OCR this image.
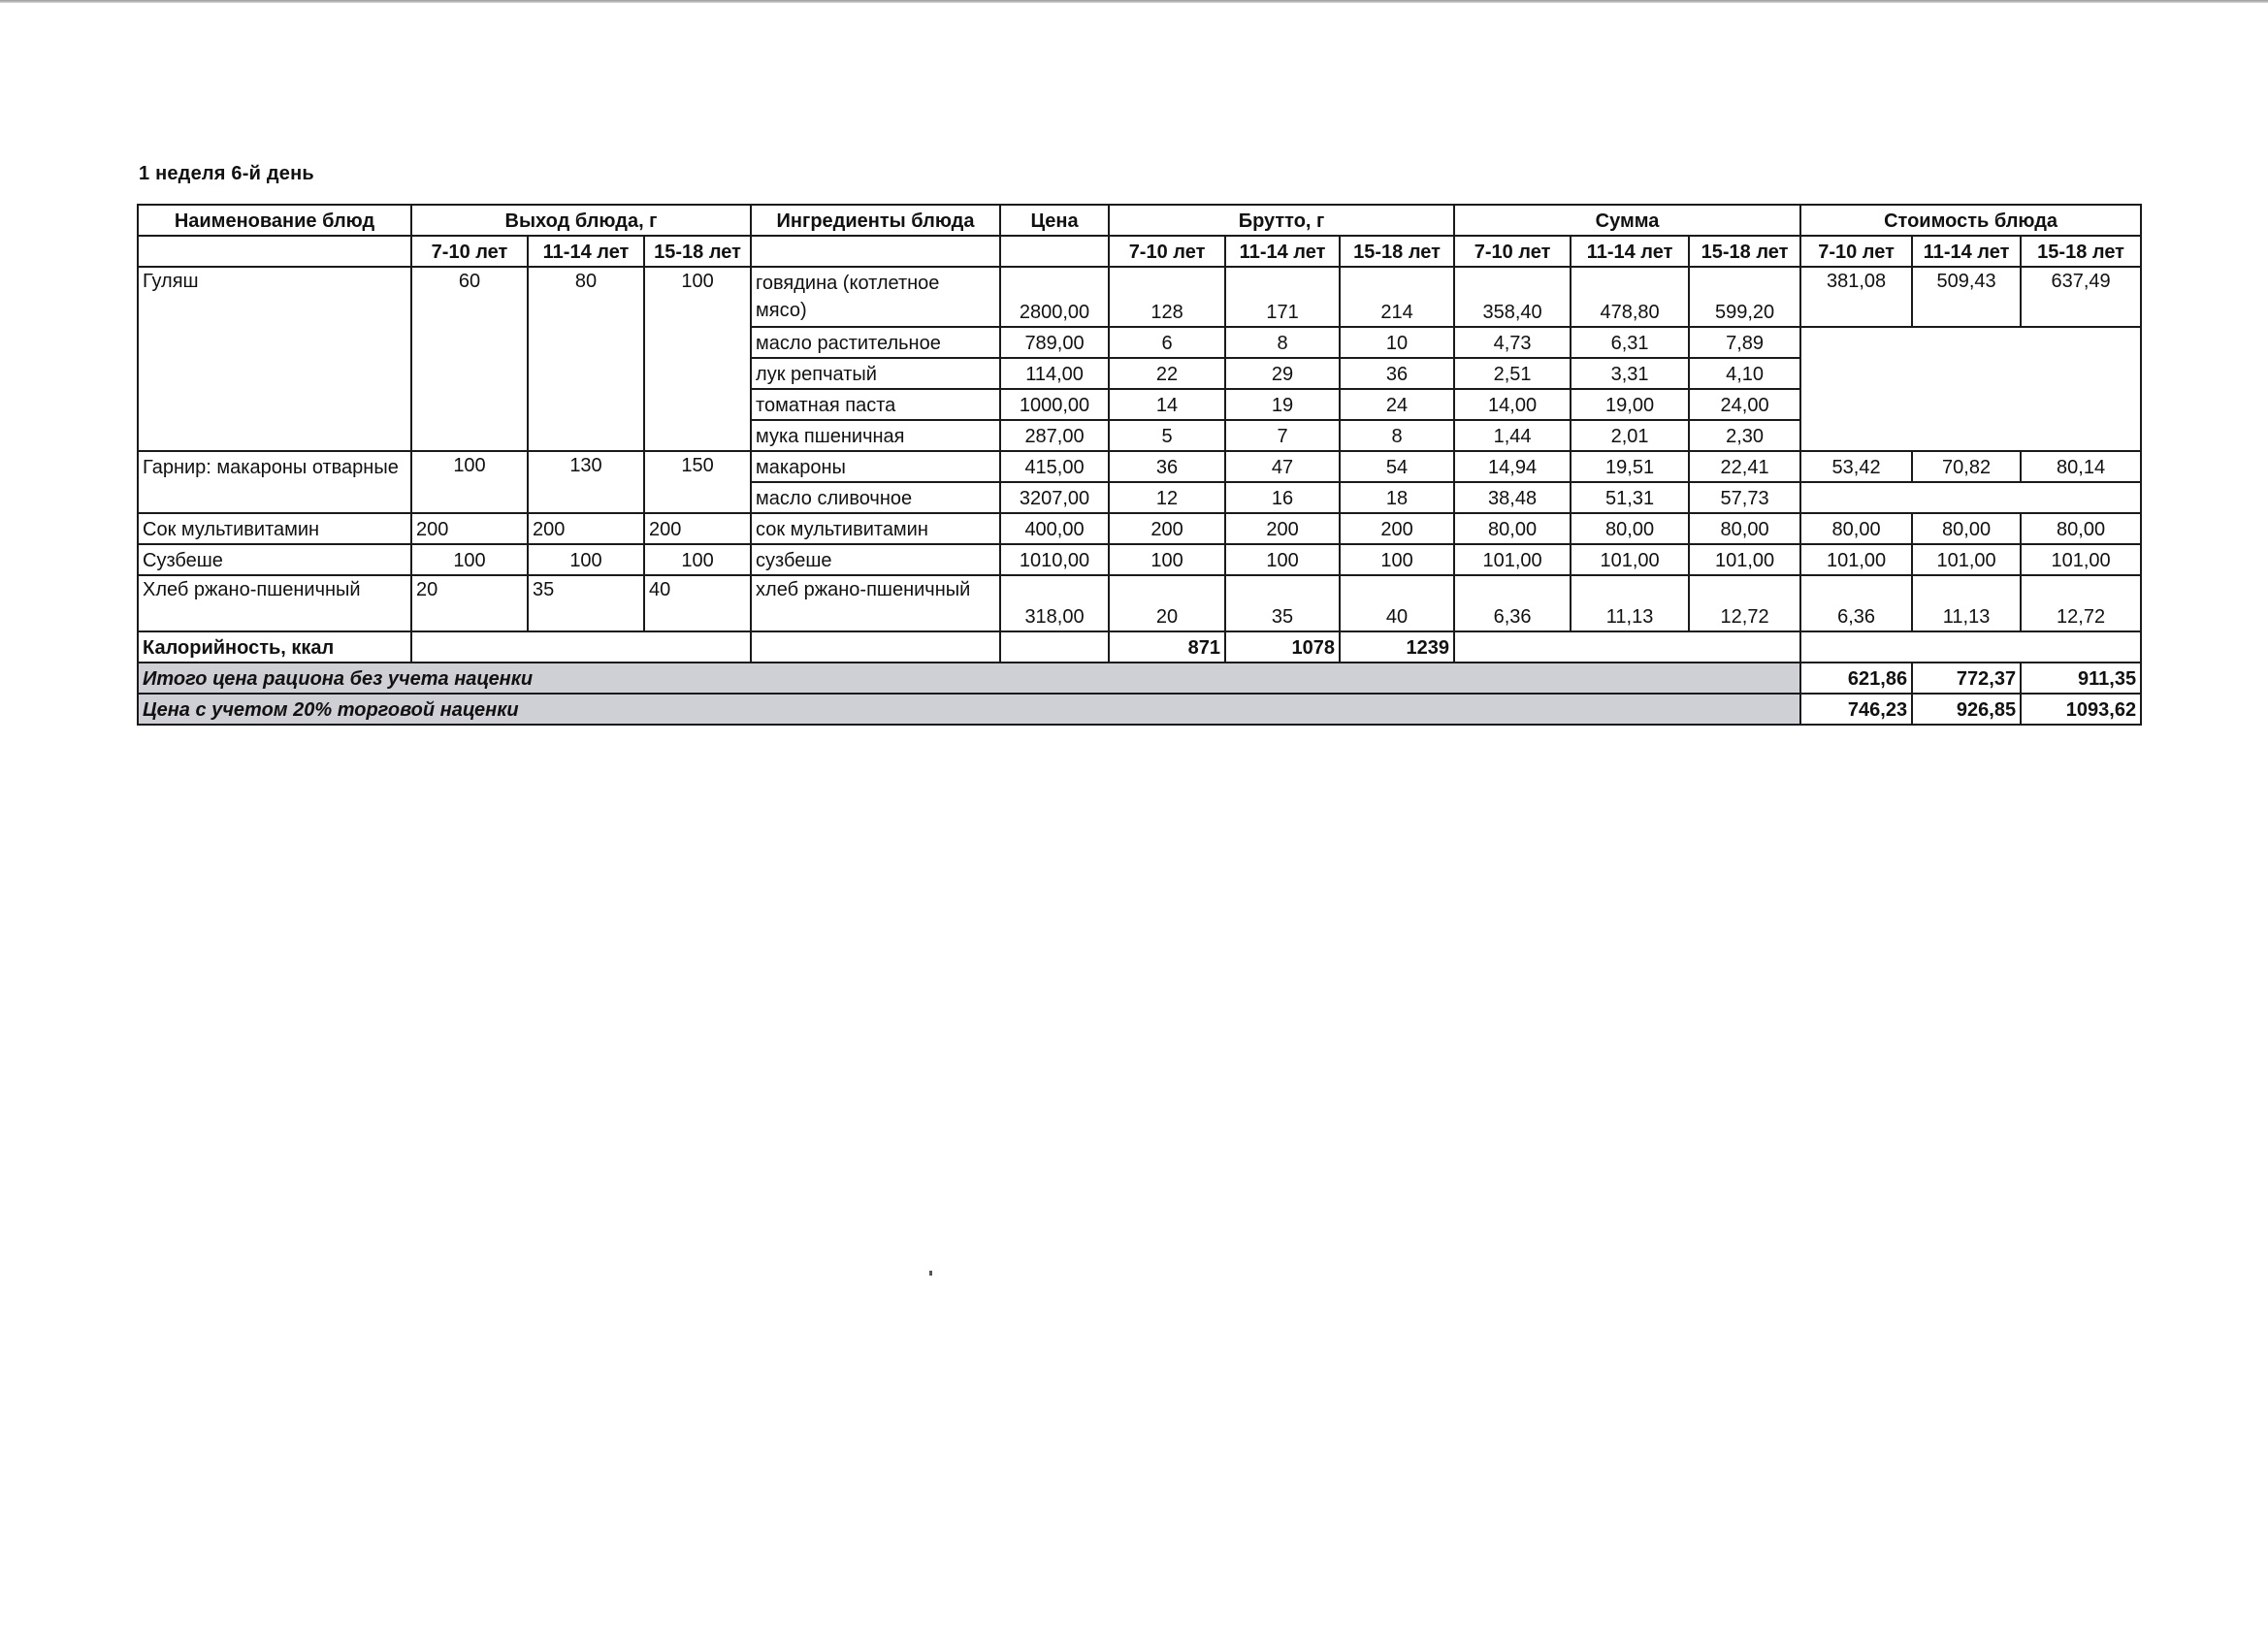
1 неделя 6-й день
Наименование блюд	Выход блюда, г			Ингредиенты блюда	Цена	Брутто, г			Сумма			Стоимость блюда		
	7-10 лет	11-14 лет	15-18 лет			7-10 лет	11-14 лет	15-18 лет	7-10 лет	11-14 лет	15-18 лет	7-10 лет	11-14 лет	15-18 лет
Гуляш	60	80	100	говядина (котлетное мясо)	2800,00	128	171	214	358,40	478,80	599,20	381,08	509,43	637,49
				масло растительное	789,00	6	8	10	4,73	6,31	7,89			
				лук репчатый	114,00	22	29	36	2,51	3,31	4,10			
				томатная паста	1000,00	14	19	24	14,00	19,00	24,00			
				мука пшеничная	287,00	5	7	8	1,44	2,01	2,30			
Гарнир: макароны отварные	100	130	150	макароны	415,00	36	47	54	14,94	19,51	22,41	53,42	70,82	80,14
				масло сливочное	3207,00	12	16	18	38,48	51,31	57,73			
Сок мультивитамин	200	200	200	сок мультивитамин	400,00	200	200	200	80,00	80,00	80,00	80,00	80,00	80,00
Сузбеше	100	100	100	сузбеше	1010,00	100	100	100	101,00	101,00	101,00	101,00	101,00	101,00
Хлеб ржано-пшеничный	20	35	40	хлеб ржано-пшеничный	318,00	20	35	40	6,36	11,13	12,72	6,36	11,13	12,72
Калорийность, ккал						871	1078	1239						
Итого цена рациона без учета наценки												621,86	772,37	911,35
Цена с учетом 20% торговой наценки												746,23	926,85	1093,62
